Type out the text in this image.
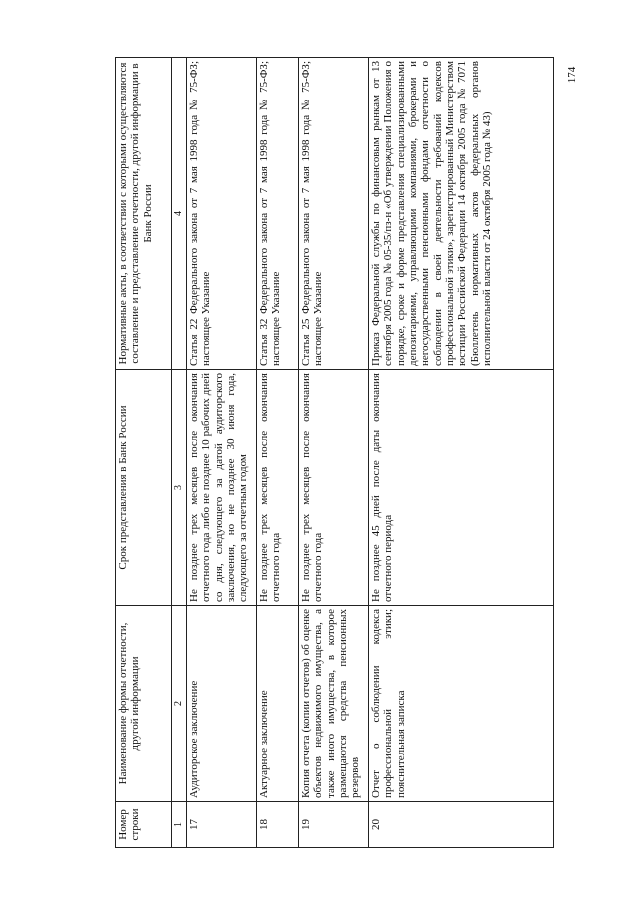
174
Номер строки	Наименование формы отчетности, другой информации	Срок представления в Банк России	Нормативные акты, в соответствии с которыми осуществляются составление и представление отчетности, другой информации в Банк России
1	2	3	4
17	Аудиторское заключение	Не позднее трех месяцев после окончания отчетного года либо не позднее 10 рабочих дней со дня, следующего за датой аудиторского заключения, но не позднее 30 июня года, следующего за отчетным годом	Статья 22 Федерального закона от 7 мая 1998 года № 75-ФЗ; настоящее Указание
18	Актуарное заключение	Не позднее трех месяцев после окончания отчетного года	Статья 32 Федерального закона от 7 мая 1998 года № 75-ФЗ; настоящее Указание
19	Копия отчета (копии отчетов) об оценке объектов недвижимого имущества, а также иного имущества, в которое размещаются средства пенсионных резервов	Не позднее трех месяцев после окончания отчетного года	Статья 25 Федерального закона от 7 мая 1998 года № 75-ФЗ; настоящее Указание
20	Отчет о соблюдении кодекса профессиональной этики; пояснительная записка	Не позднее 45 дней после даты окончания отчетного периода	Приказ Федеральной службы по финансовым рынкам от 13 сентября 2005 года № 05-35/пз-н «Об утверждении Положения о порядке, сроке и форме представления специализированными депозитариями, управляющими компаниями, брокерами и негосударственными пенсионными фондами отчетности о соблюдении в своей деятельности требований кодексов профессиональной этики», зарегистрированный Министерством юстиции Российской Федерации 14 октября 2005 года № 7071 (Бюллетень нормативных актов федеральных органов исполнительной власти от 24 октября 2005 года № 43)
